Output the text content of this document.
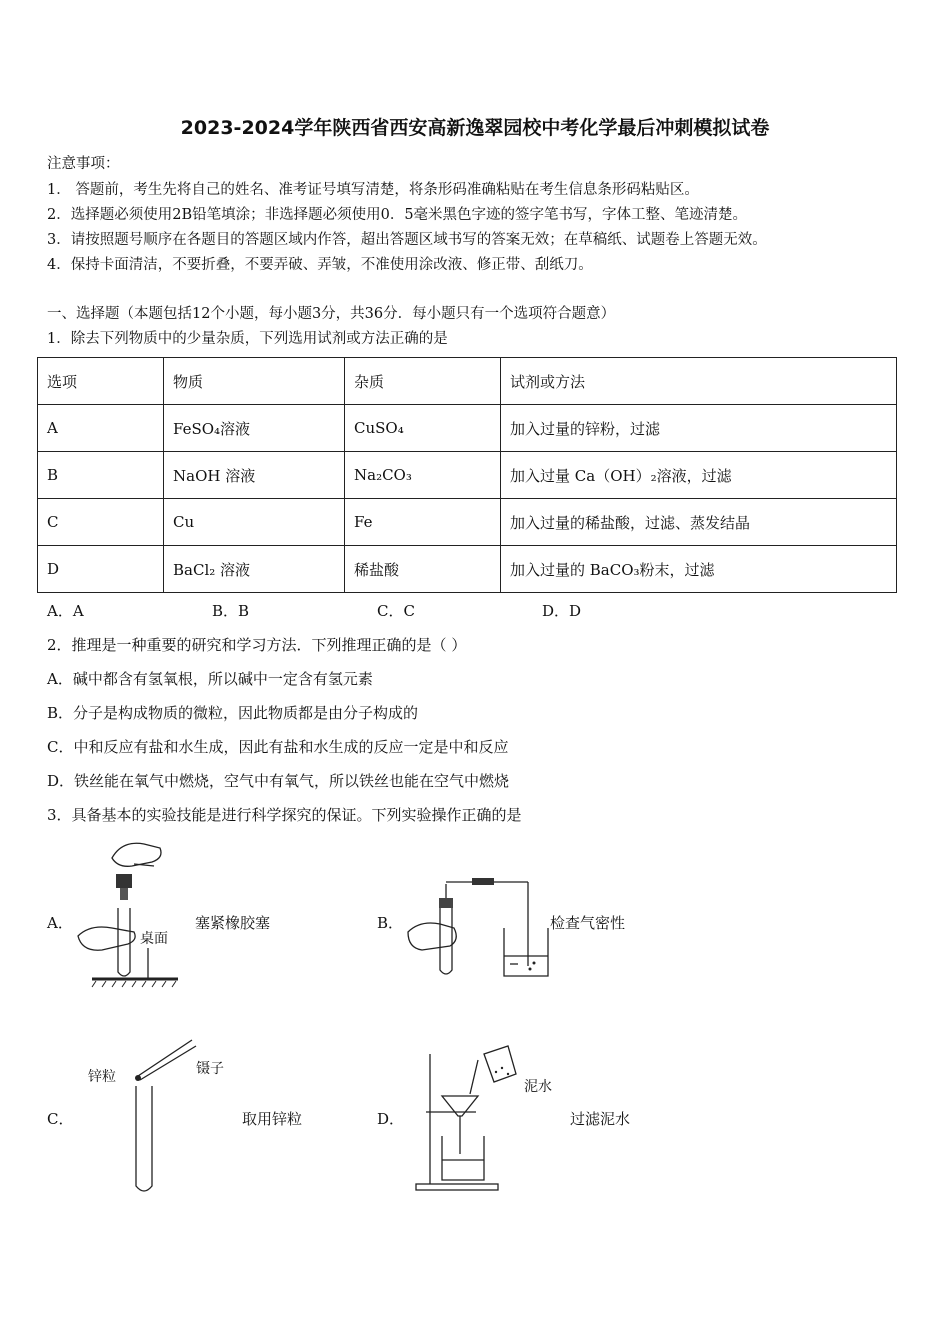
2023-2024学年陕西省西安高新逸翠园校中考化学最后冲刺模拟试卷
注意事项：
1． 答题前，考生先将自己的姓名、准考证号填写清楚，将条形码准确粘贴在考生信息条形码粘贴区。
2．选择题必须使用2B铅笔填涂；非选择题必须使用0．5毫米黑色字迹的签字笔书写，字体工整、笔迹清楚。
3．请按照题号顺序在各题目的答题区域内作答，超出答题区域书写的答案无效；在草稿纸、试题卷上答题无效。
4．保持卡面清洁，不要折叠，不要弄破、弄皱，不准使用涂改液、修正带、刮纸刀。
一、选择题（本题包括12个小题，每小题3分，共36分．每小题只有一个选项符合题意）
1．除去下列物质中的少量杂质，下列选用试剂或方法正确的是
选项	物质	杂质	试剂或方法
A	FeSO₄溶液	CuSO₄	加入过量的锌粉，过滤
B	NaOH 溶液	Na₂CO₃	加入过量 Ca（OH）₂溶液，过滤
C	Cu	Fe	加入过量的稀盐酸，过滤、蒸发结晶
D	BaCl₂ 溶液	稀盐酸	加入过量的 BaCO₃粉末，过滤
A．A	B．B	C．C	D．D
2．推理是一种重要的研究和学习方法．下列推理正确的是（ ）
A．碱中都含有氢氧根，所以碱中一定含有氢元素
B．分子是构成物质的微粒，因此物质都是由分子构成的
C．中和反应有盐和水生成，因此有盐和水生成的反应一定是中和反应
D．铁丝能在氧气中燃烧，空气中有氧气，所以铁丝也能在空气中燃烧
3．具备基本的实验技能是进行科学探究的保证。下列实验操作正确的是
A．
桌面
塞紧橡胶塞	B．	检查气密性
C．
锌粒	镊子
取用锌粒	D．
泥水
过滤泥水
